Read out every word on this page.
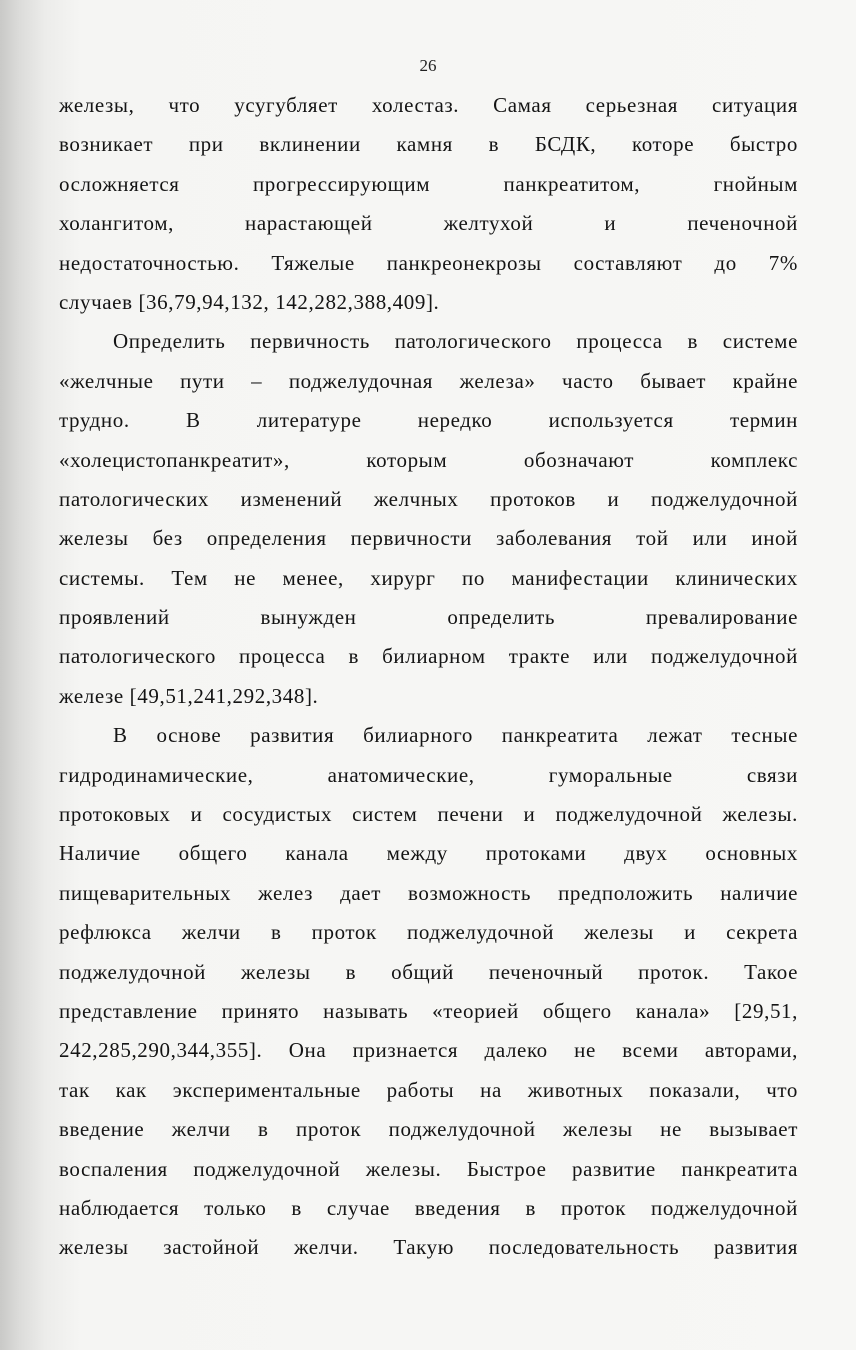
26
железы, что усугубляет холестаз. Самая серьезная ситуация
возникает при вклинении камня в БСДК, которе быстро
осложняется прогрессирующим панкреатитом, гнойным
холангитом, нарастающей желтухой и печеночной
недостаточностью. Тяжелые панкреонекрозы составляют до 7%
случаев [36,79,94,132, 142,282,388,409].
Определить первичность патологического процесса в системе
«желчные пути – поджелудочная железа» часто бывает крайне
трудно. В литературе нередко используется термин
«холецистопанкреатит», которым обозначают комплекс
патологических изменений желчных протоков и поджелудочной
железы без определения первичности заболевания той или иной
системы. Тем не менее, хирург по манифестации клинических
проявлений вынужден определить превалирование
патологического процесса в билиарном тракте или поджелудочной
железе [49,51,241,292,348].
В основе развития билиарного панкреатита лежат тесные
гидродинамические, анатомические, гуморальные связи
протоковых и сосудистых систем печени и поджелудочной железы.
Наличие общего канала между протоками двух основных
пищеварительных желез дает возможность предположить наличие
рефлюкса желчи в проток поджелудочной железы и секрета
поджелудочной железы в общий печеночный проток. Такое
представление принято называть «теорией общего канала» [29,51,
242,285,290,344,355]. Она признается далеко не всеми авторами,
так как экспериментальные работы на животных показали, что
введение желчи в проток поджелудочной железы не вызывает
воспаления поджелудочной железы. Быстрое развитие панкреатита
наблюдается только в случае введения в проток поджелудочной
железы застойной желчи. Такую последовательность развития
